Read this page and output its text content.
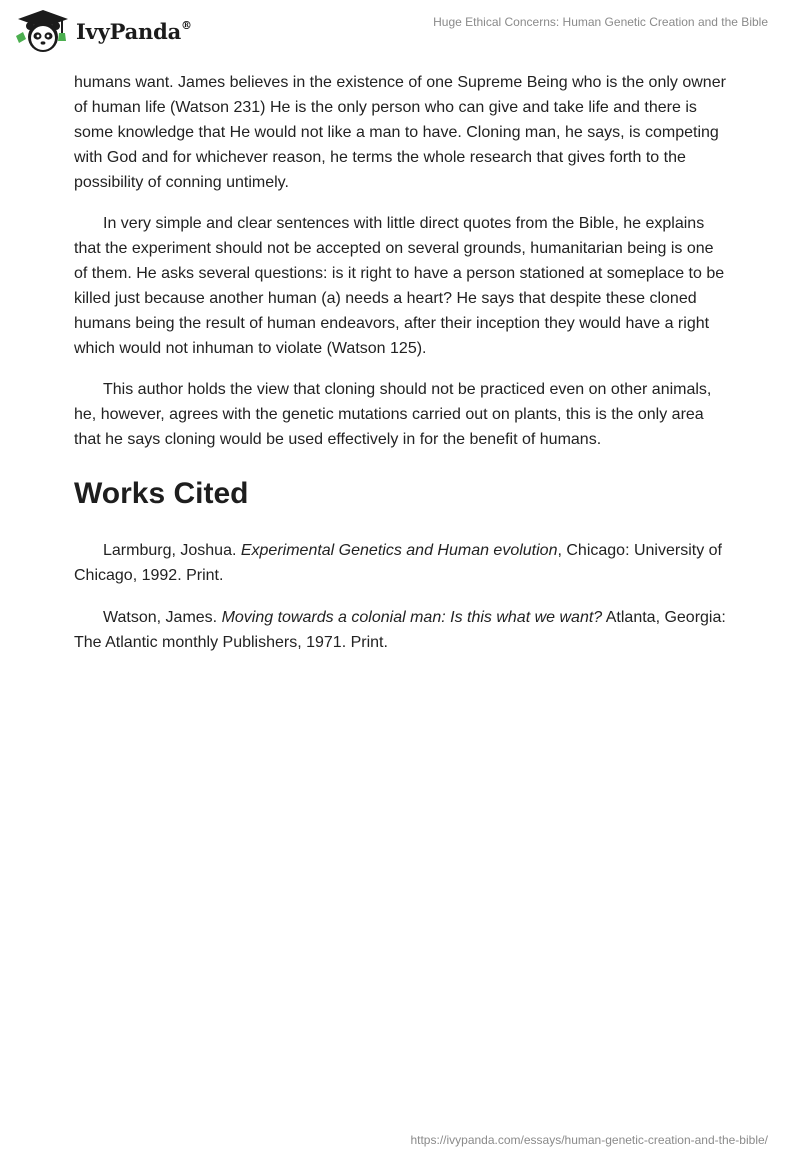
IvyPanda®	Huge Ethical Concerns: Human Genetic Creation and the Bible

humans want. James believes in the existence of one Supreme Being who is the only owner of human life (Watson 231) He is the only person who can give and take life and there is some knowledge that He would not like a man to have. Cloning man, he says, is competing with God and for whichever reason, he terms the whole research that gives forth to the possibility of conning untimely.

In very simple and clear sentences with little direct quotes from the Bible, he explains that the experiment should not be accepted on several grounds, humanitarian being is one of them. He asks several questions: is it right to have a person stationed at someplace to be killed just because another human (a) needs a heart? He says that despite these cloned humans being the result of human endeavors, after their inception they would have a right which would not inhuman to violate (Watson 125).

This author holds the view that cloning should not be practiced even on other animals, he, however, agrees with the genetic mutations carried out on plants, this is the only area that he says cloning would be used effectively in for the benefit of humans.

Works Cited

Larmburg, Joshua. Experimental Genetics and Human evolution, Chicago: University of Chicago, 1992. Print.

Watson, James. Moving towards a colonial man: Is this what we want? Atlanta, Georgia: The Atlantic monthly Publishers, 1971. Print.

https://ivypanda.com/essays/human-genetic-creation-and-the-bible/
